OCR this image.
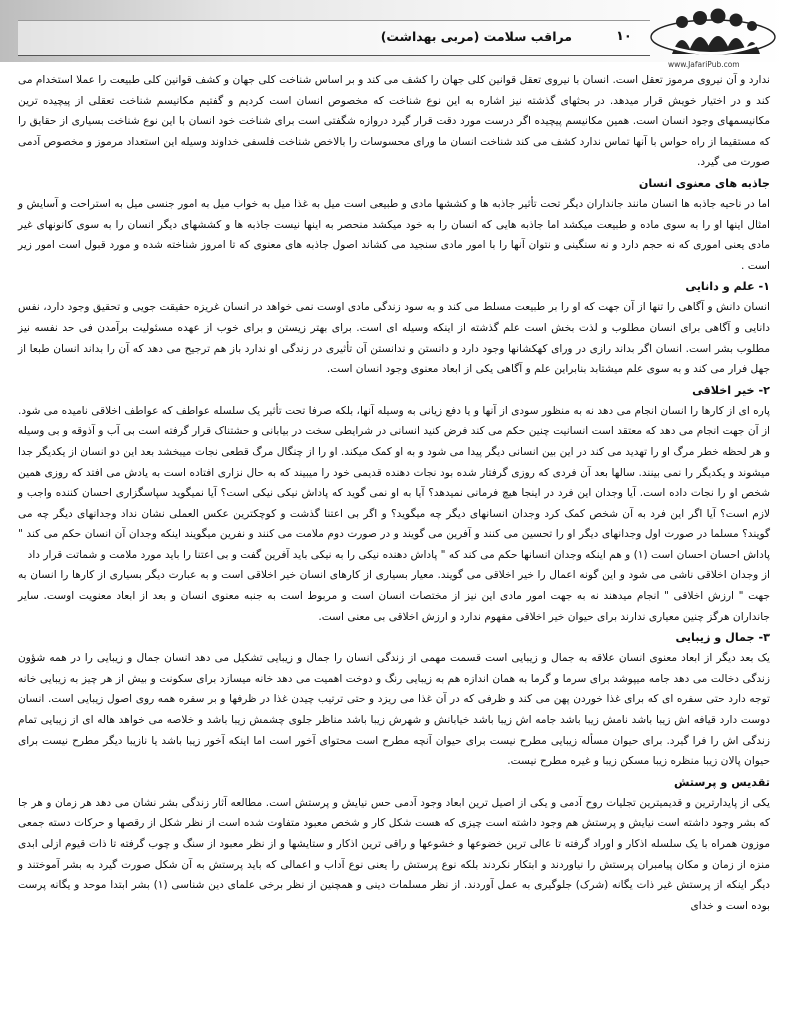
مراقب سلامت (مربی بهداشت)	۱۰
www.JafariPub.com

ندارد و آن نیروی مرموز تعقل است. انسان با نیروی تعقل قوانین کلی جهان را کشف می کند و بر اساس شناخت کلی جهان و کشف قوانین کلی طبیعت را عملا استخدام می کند و در اختیار خویش قرار میدهد. در بحثهای گذشته نیز اشاره به این نوع شناخت که مخصوص انسان است کردیم و گفتیم مکانیسم شناخت تعقلی از پیچیده ترین مکانیسمهای وجود انسان است. همین مکانیسم پیچیده اگر درست مورد دقت قرار گیرد دروازه شگفتی است برای شناخت خود انسان با این نوع شناخت بسیاری از حقایق را که مستقیما از راه حواس با آنها تماس ندارد کشف می کند شناخت انسان ما ورای محسوسات را بالاخص شناخت فلسفی خداوند وسیله این استعداد مرموز و مخصوص آدمی صورت می گیرد.

جاذبه های معنوی انسان

اما در ناحیه جاذبه ها انسان مانند جانداران دیگر تحت تأثیر جاذبه ها و کششها مادی و طبیعی است میل به غذا میل به خواب میل به امور جنسی میل به استراحت و آسایش و امثال اینها او را به سوی ماده و طبیعت میکشد اما جاذبه هایی که انسان را به خود میکشد منحصر به اینها نیست جاذبه ها و کششهای دیگر انسان را به سوی کانونهای غیر مادی یعنی اموری که نه حجم دارد و نه سنگینی و نتوان آنها را با امور مادی سنجید می کشاند اصول جاذبه های معنوی که تا امروز شناخته شده و مورد قبول است امور زیر است .

۱- علم و دانایی

انسان دانش و آگاهی را تنها از آن جهت که او را بر طبیعت مسلط می کند و به سود زندگی مادی اوست نمی خواهد در انسان غریزه حقیقت جویی و تحقیق وجود دارد، نفس دانایی و آگاهی برای انسان مطلوب و لذت بخش است علم گذشته از اینکه وسیله ای است. برای بهتر زیستن و برای خوب از عهده مسئولیت برآمدن فی حد نفسه نیز مطلوب بشر است. انسان اگر بداند رازی در ورای کهکشانها وجود دارد و دانستن و ندانستن آن تأثیری در زندگی او ندارد باز هم ترجیح می دهد که آن را بداند انسان طبعا از جهل فرار می کند و به سوی علم میشتابد بنابراین علم و آگاهی یکی از ابعاد معنوی وجود انسان است.

۲- خیر اخلاقی

پاره ای از کارها را انسان انجام می دهد نه به منظور سودی از آنها و یا دفع زیانی به وسیله آنها، بلکه صرفا تحت تأثیر یک سلسله عواطف که عواطف اخلاقی نامیده می شود. از آن جهت انجام می دهد که معتقد است انسانیت چنین حکم می کند فرض کنید انسانی در شرایطی سخت در بیابانی و حشتناک قرار گرفته است بی آب و آذوقه و بی وسیله و هر لحظه خطر مرگ او را تهدید می کند در این بین انسانی دیگر پیدا می شود و به او کمک میکند. او را از چنگال مرگ قطعی نجات میبخشد بعد این دو انسان از یکدیگر جدا میشوند و یکدیگر را نمی بینند. سالها بعد آن فردی که روزی گرفتار شده بود نجات دهنده قدیمی خود را میبیند که به حال نزاری افتاده است به یادش می افتد که روزی همین شخص او را نجات داده است. آیا وجدان این فرد در اینجا هیچ فرمانی نمیدهد؟ آیا به او نمی گوید که پاداش نیکی نیکی است؟ آیا نمیگوید سپاسگزاری احسان کننده واجب و لازم است؟ آیا اگر این فرد به آن شخص کمک کرد وجدان انسانهای دیگر چه میگوید؟ و اگر بی اعتنا گذشت و کوچکترین عکس العملی نشان نداد وجدانهای دیگر چه می گویند؟ مسلما در صورت اول وجدانهای دیگر او را تحسین می کنند و آفرین می گویند و در صورت دوم ملامت می کنند و نفرین میگویند اینکه وجدان آن انسان حکم می کند " پاداش احسان احسان است (۱) و هم اینکه وجدان انسانها حکم می کند که " پاداش دهنده نیکی را به نیکی باید آفرین گفت و بی اعتنا را باید مورد ملامت و شماتت قرار داد

از وجدان اخلاقی ناشی می شود و این گونه اعمال را خیر اخلاقی می گویند. معیار بسیاری از کارهای انسان خیر اخلاقی است و به عبارت دیگر بسیاری از کارها را انسان به جهت " ارزش اخلاقی " انجام میدهند نه به جهت امور مادی این نیز از مختصات انسان است و مربوط است به جنبه معنوی انسان و بعد از ابعاد معنویت اوست. سایر جانداران هرگز چنین معیاری ندارند برای حیوان خیر اخلاقی مفهوم ندارد و ارزش اخلاقی بی معنی است.

۳- جمال و زیبایی

یک بعد دیگر از ابعاد معنوی انسان علاقه به جمال و زیبایی است قسمت مهمی از زندگی انسان را جمال و زیبایی تشکیل می دهد انسان جمال و زیبایی را در همه شؤون زندگی دخالت می دهد جامه میپوشد برای سرما و گرما به همان اندازه هم به زیبایی رنگ و دوخت اهمیت می دهد خانه میسازد برای سکونت و بیش از هر چیز به زیبایی خانه توجه دارد حتی سفره ای که برای غذا خوردن پهن می کند و ظرفی که در آن غذا می ریزد و حتی ترتیب چیدن غذا در ظرفها و بر سفره همه روی اصول زیبایی است. انسان دوست دارد قیافه اش زیبا باشد نامش زیبا باشد جامه اش زیبا باشد خیابانش و شهرش زیبا باشد مناظر جلوی چشمش زیبا باشد و خلاصه می خواهد هاله ای از زیبایی تمام زندگی اش را فرا گیرد. برای حیوان مسأله زیبایی مطرح نیست برای حیوان آنچه مطرح است محتوای آخور است اما اینکه آخور زیبا باشد یا نازیبا دیگر مطرح نیست برای حیوان پالان زیبا منظره زیبا مسکن زیبا و غیره مطرح نیست.

تقدیس و پرستش

یکی از پایدارترین و قدیمیترین تجلیات روح آدمی و یکی از اصیل ترین ابعاد وجود آدمی حس نیایش و پرستش است. مطالعه آثار زندگی بشر نشان می دهد هر زمان و هر جا که بشر وجود داشته است نیایش و پرستش هم وجود داشته است چیزی که هست شکل کار و شخص معبود متفاوت شده است از نظر شکل از رقصها و حرکات دسته جمعی موزون همراه با یک سلسله اذکار و اوراد گرفته تا عالی ترین خضوعها و خشوعها و راقی ترین اذکار و ستایشها و از نظر معبود از سنگ و چوب گرفته تا ذات قیوم ازلی ابدی منزه از زمان و مکان پیامبران پرستش را نیاوردند و ابتکار نکردند بلکه نوع پرستش را یعنی نوع آداب و اعمالی که باید پرستش به آن شکل صورت گیرد به بشر آموختند و دیگر اینکه از پرستش غیر ذات یگانه (شرک) جلوگیری به عمل آوردند. از نظر مسلمات دینی و همچنین از نظر برخی علمای دین شناسی (۱) بشر ابتدا موحد و یگانه پرست بوده است و خدای
